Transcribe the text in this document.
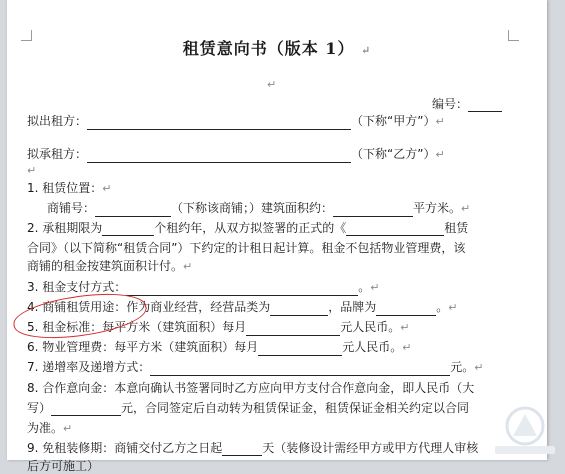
租赁意向书（版本 1） ↵
↵
编号：
拟出租方：	（下称“甲方”）↵
拟承租方：	（下称“乙方”）↵
↵
1. 租赁位置：↵
商铺号：	（下称该商铺；）建筑面积约：	平方米。↵
2. 承租期限为	个租约年，从双方拟签署的正式的《	租赁
合同》（以下简称“租赁合同”）下约定的计租日起计算。租金不包括物业管理费，该
商铺的租金按建筑面积计付。↵
3. 租金支付方式：	。↵
4. 商铺租赁用途：作为商业经营，经营品类为	，品牌为	。↵
5. 租金标准：每平方米（建筑面积）每月	元人民币。↵
6. 物业管理费：每平方米（建筑面积）每月	元人民币。↵
7. 递增率及递增方式：	元。↵
8. 合作意向金：本意向确认书签署同时乙方应向甲方支付合作意向金，即人民币（大
写）	元，合同签定后自动转为租赁保证金，租赁保证金相关约定以合同
为准。↵
9. 免租装修期：商铺交付乙方之日起	天（装修设计需经甲方或甲方代理人审核
后方可施工）
